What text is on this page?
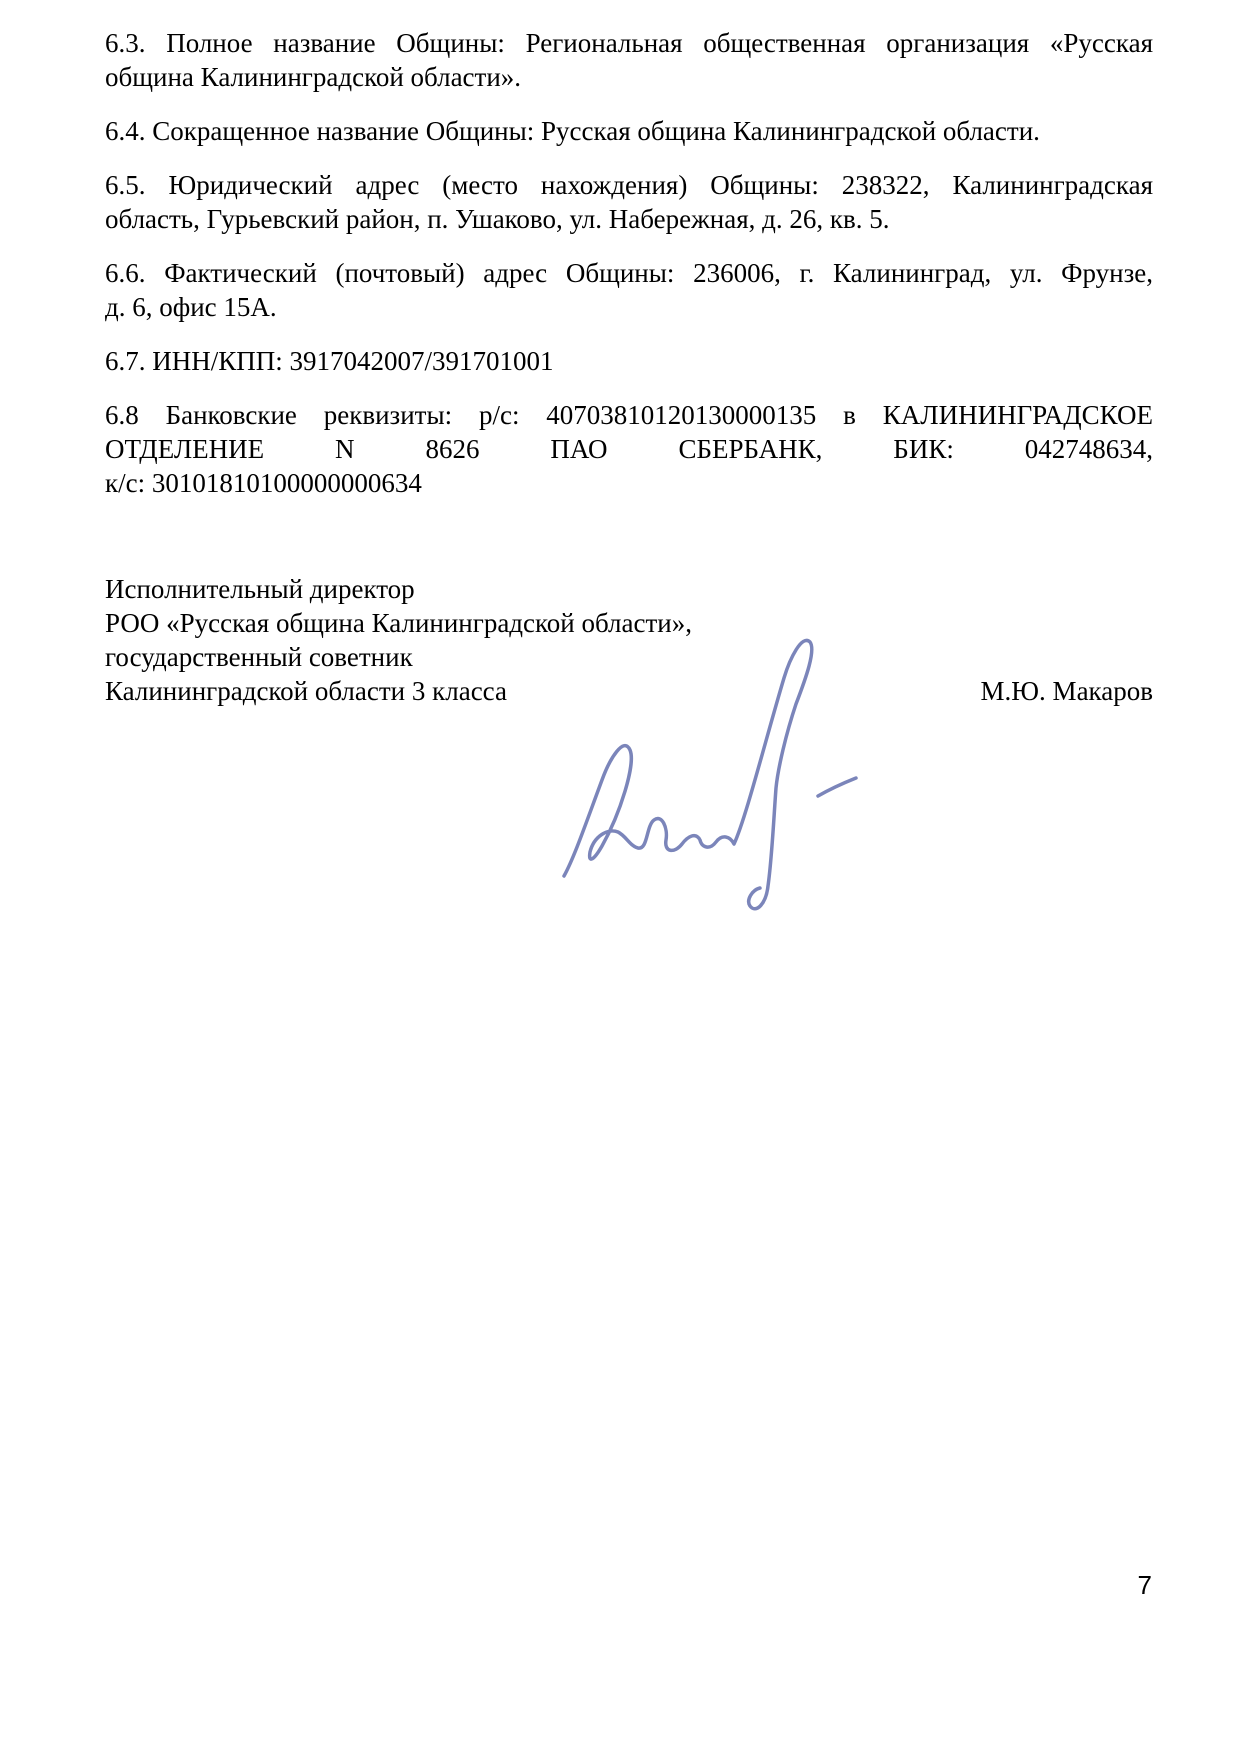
6.3. Полное название Общины: Региональная общественная организация «Русская
община Калининградской области».
6.4. Сокращенное название Общины: Русская община Калининградской области.
6.5. Юридический адрес (место нахождения) Общины: 238322, Калининградская
область, Гурьевский район, п. Ушаково, ул. Набережная, д. 26, кв. 5.
6.6. Фактический (почтовый) адрес Общины: 236006, г. Калининград, ул. Фрунзе,
д. 6, офис 15А.
6.7. ИНН/КПП: 3917042007/391701001
6.8 Банковские реквизиты: р/с: 40703810120130000135 в КАЛИНИНГРАДСКОЕ
ОТДЕЛЕНИЕ N 8626 ПАО СБЕРБАНК, БИК: 042748634,
к/с: 30101810100000000634
Исполнительный директор
РОО «Русская община Калининградской области»,
государственный советник
Калининградской области 3 класса	М.Ю. Макаров
7
